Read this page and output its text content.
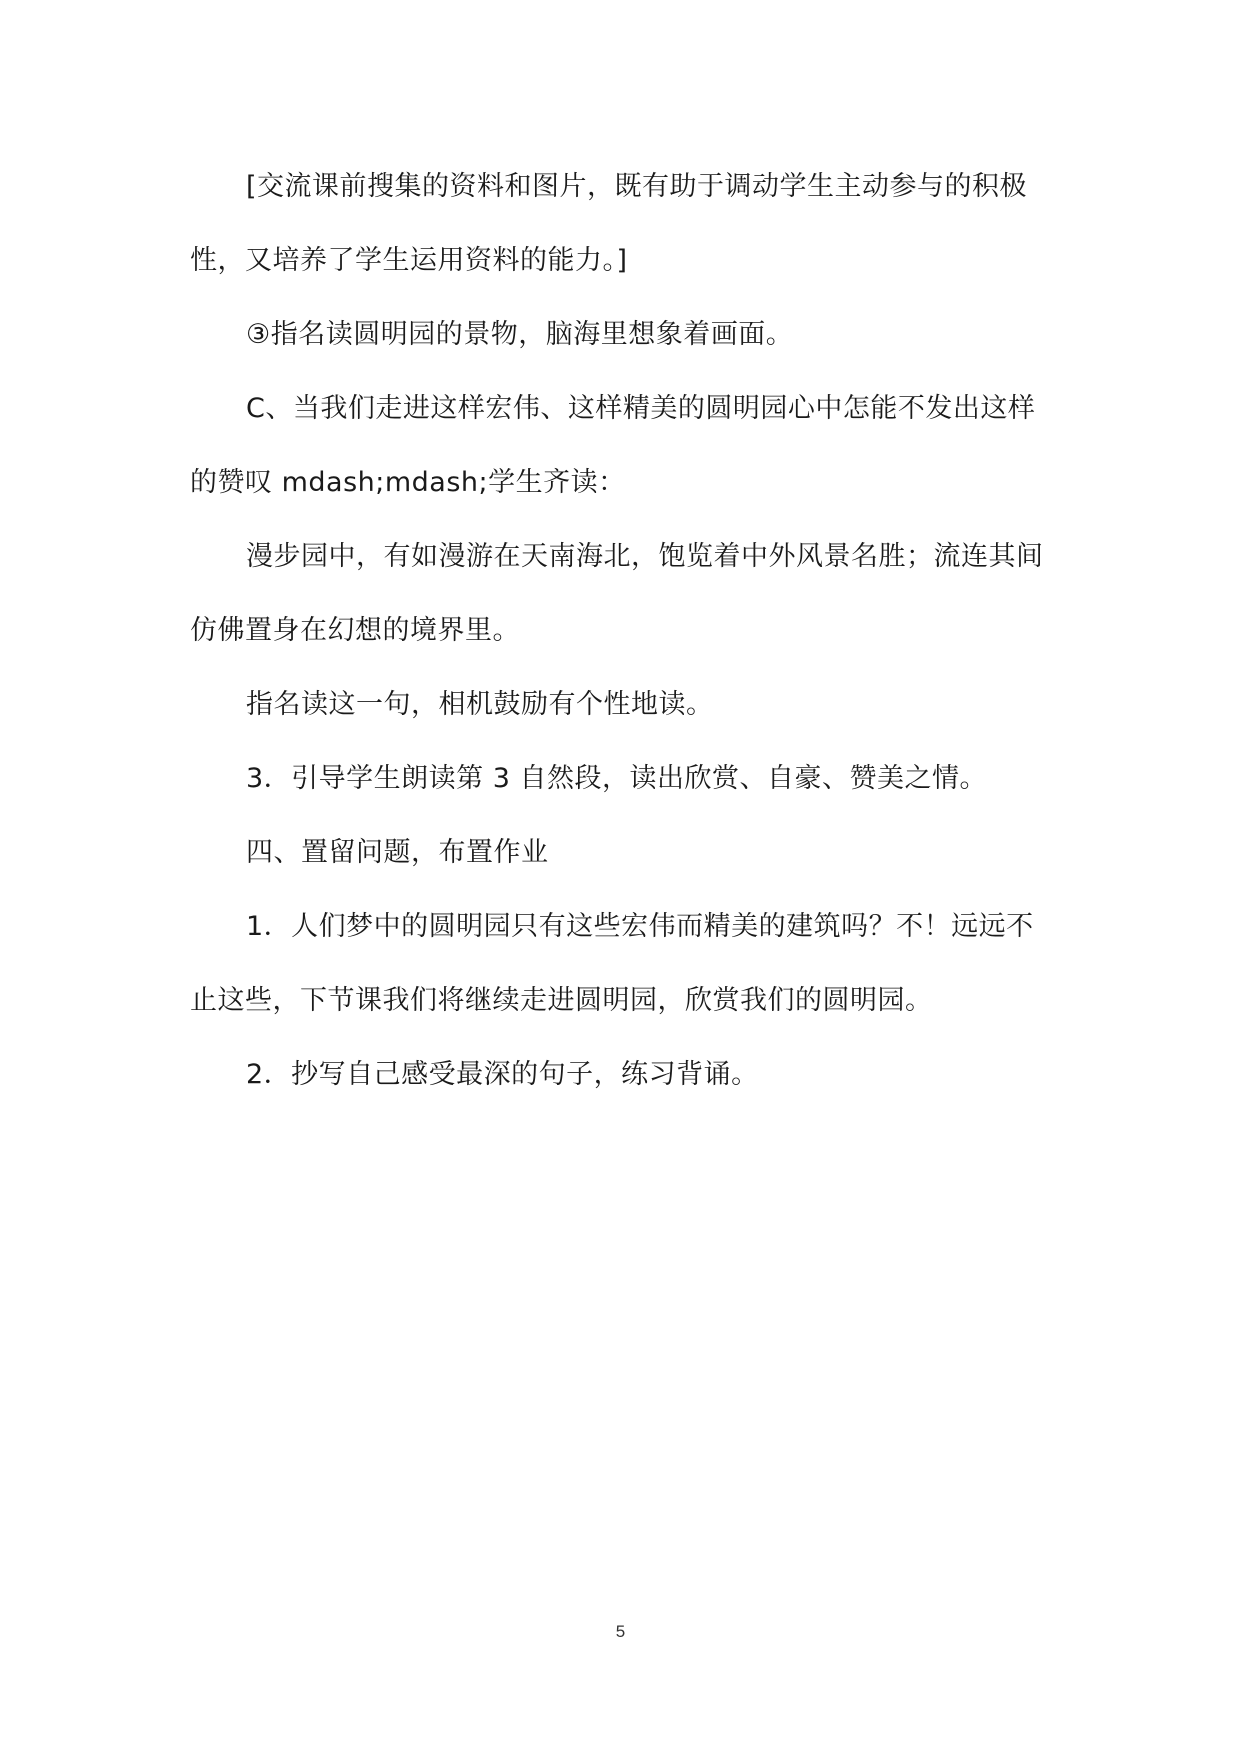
[交流课前搜集的资料和图片，既有助于调动学生主动参与的积极性，又培养了学生运用资料的能力。]

③指名读圆明园的景物，脑海里想象着画面。

C、当我们走进这样宏伟、这样精美的圆明园心中怎能不发出这样的赞叹 mdash;mdash;学生齐读：

漫步园中，有如漫游在天南海北，饱览着中外风景名胜；流连其间仿佛置身在幻想的境界里。

指名读这一句，相机鼓励有个性地读。

3．引导学生朗读第 3 自然段，读出欣赏、自豪、赞美之情。

四、置留问题，布置作业

1．人们梦中的圆明园只有这些宏伟而精美的建筑吗？不！远远不止这些，下节课我们将继续走进圆明园，欣赏我们的圆明园。

2．抄写自己感受最深的句子，练习背诵。

5
